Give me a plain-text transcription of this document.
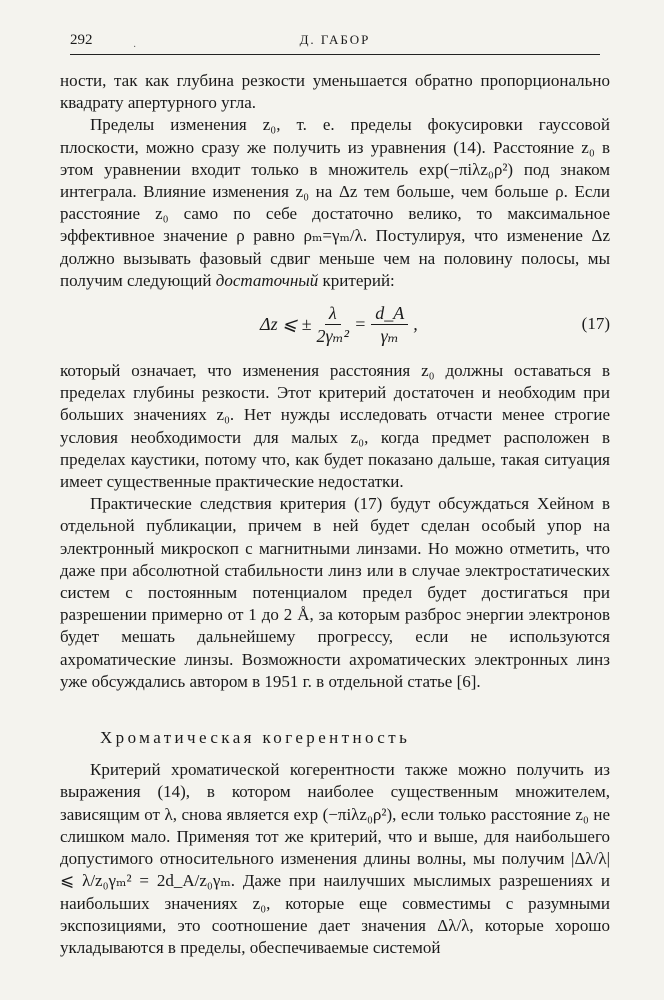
292	Д. ГАБОР
·

ности, так как глубина резкости уменьшается обратно пропорционально квадрату апертурного угла.

Пределы изменения z₀, т. е. пределы фокусировки гауссовой плоскости, можно сразу же получить из уравнения (14). Расстояние z₀ в этом уравнении входит только в множитель exp(−πiλz₀ρ²) под знаком интеграла. Влияние изменения z₀ на Δz тем больше, чем больше ρ. Если расстояние z₀ само по себе достаточно велико, то максимальное эффективное значение ρ равно ρₘ=γₘ/λ. Постулируя, что изменение Δz должно вызывать фазовый сдвиг меньше чем на половину полосы, мы получим следующий достаточный критерий:

Δz ⩽ ± $\frac{\lambda}{\text{2γₘ²}} = \frac{d\_A}{\text{γₘ}}$ ,	(17)

который означает, что изменения расстояния z₀ должны оставаться в пределах глубины резкости. Этот критерий достаточен и необходим при больших значениях z₀. Нет нужды исследовать отчасти менее строгие условия необходимости для малых z₀, когда предмет расположен в пределах каустики, потому что, как будет показано дальше, такая ситуация имеет существенные практические недостатки.

Практические следствия критерия (17) будут обсуждаться Хейном в отдельной публикации, причем в ней будет сделан особый упор на электронный микроскоп с магнитными линзами. Но можно отметить, что даже при абсолютной стабильности линз или в случае электростатических систем с постоянным потенциалом предел будет достигаться при разрешении примерно от 1 до 2 Å, за которым разброс энергии электронов будет мешать дальнейшему прогрессу, если не используются ахроматические линзы. Возможности ахроматических электронных линз уже обсуждались автором в 1951 г. в отдельной статье [6].

Хроматическая когерентность

Критерий хроматической когерентности также можно получить из выражения (14), в котором наиболее существенным множителем, зависящим от λ, снова является exp (−πiλz₀ρ²), если только расстояние z₀ не слишком мало. Применяя тот же критерий, что и выше, для наибольшего допустимого относительного изменения длины волны, мы получим |Δλ/λ| ⩽ λ/z₀γₘ² = 2d_A/z₀γₘ. Даже при наилучших мыслимых разрешениях и наибольших значениях z₀, которые еще совместимы с разумными экспозициями, это соотношение дает значения Δλ/λ, которые хорошо укладываются в пределы, обеспечиваемые системой
